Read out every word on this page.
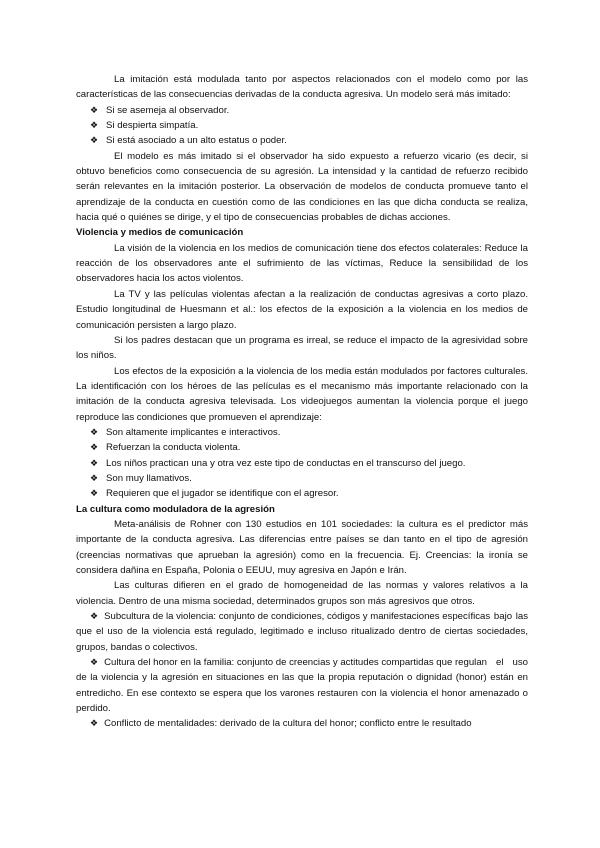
La imitación está modulada tanto por aspectos relacionados con el modelo como por las características de las consecuencias derivadas de la conducta agresiva. Un modelo será más imitado:

❖ Si se asemeja al observador.

❖ Si despierta simpatía.

❖ Si está asociado a un alto estatus o poder.

El modelo es más imitado si el observador ha sido expuesto a refuerzo vicario (es decir, si obtuvo beneficios como consecuencia de su agresión. La intensidad y la cantidad de refuerzo recibido serán relevantes en la imitación posterior. La observación de modelos de conducta promueve tanto el aprendizaje de la conducta en cuestión como de las condiciones en las que dicha conducta se realiza, hacia qué o quiénes se dirige, y el tipo de consecuencias probables de dichas acciones.

Violencia y medios de comunicación

La visión de la violencia en los medios de comunicación tiene dos efectos colaterales: Reduce la reacción de los observadores ante el sufrimiento de las víctimas, Reduce la sensibilidad de los observadores hacia los actos violentos.

La TV y las películas violentas afectan a la realización de conductas agresivas a corto plazo. Estudio longitudinal de Huesmann et al.: los efectos de la exposición a la violencia en los medios de comunicación persisten a largo plazo.

Si los padres destacan que un programa es irreal, se reduce el impacto de la agresividad sobre los niños.

Los efectos de la exposición a la violencia de los media están modulados por factores culturales. La identificación con los héroes de las películas es el mecanismo más importante relacionado con la imitación de la conducta agresiva televisada. Los videojuegos aumentan la violencia porque el juego reproduce las condiciones que promueven el aprendizaje:

❖ Son altamente implicantes e interactivos.

❖ Refuerzan la conducta violenta.

❖ Los niños practican una y otra vez este tipo de conductas en el transcurso del juego.

❖ Son muy llamativos.

❖ Requieren que el jugador se identifique con el agresor.

La cultura como moduladora de la agresión

Meta-análisis de Rohner con 130 estudios en 101 sociedades: la cultura es el predictor más importante de la conducta agresiva. Las diferencias entre países se dan tanto en el tipo de agresión (creencias normativas que aprueban la agresión) como en la frecuencia. Ej. Creencias: la ironía se considera dañina en España, Polonia o EEUU, muy agresiva en Japón e Irán.

Las culturas difieren en el grado de homogeneidad de las normas y valores relativos a la violencia. Dentro de una misma sociedad, determinados grupos son más agresivos que otros.

❖ Subcultura de la violencia: conjunto de condiciones, códigos y manifestaciones específicas bajo las que el uso de la violencia está regulado, legitimado e incluso ritualizado dentro de ciertas sociedades, grupos, bandas o colectivos.

❖ Cultura del honor en la familia: conjunto de creencias y actitudes compartidas que regulan el uso de la violencia y la agresión en situaciones en las que la propia reputación o dignidad (honor) están en entredicho. En ese contexto se espera que los varones restauren con la violencia el honor amenazado o perdido.

❖ Conflicto de mentalidades: derivado de la cultura del honor; conflicto entre le resultado
